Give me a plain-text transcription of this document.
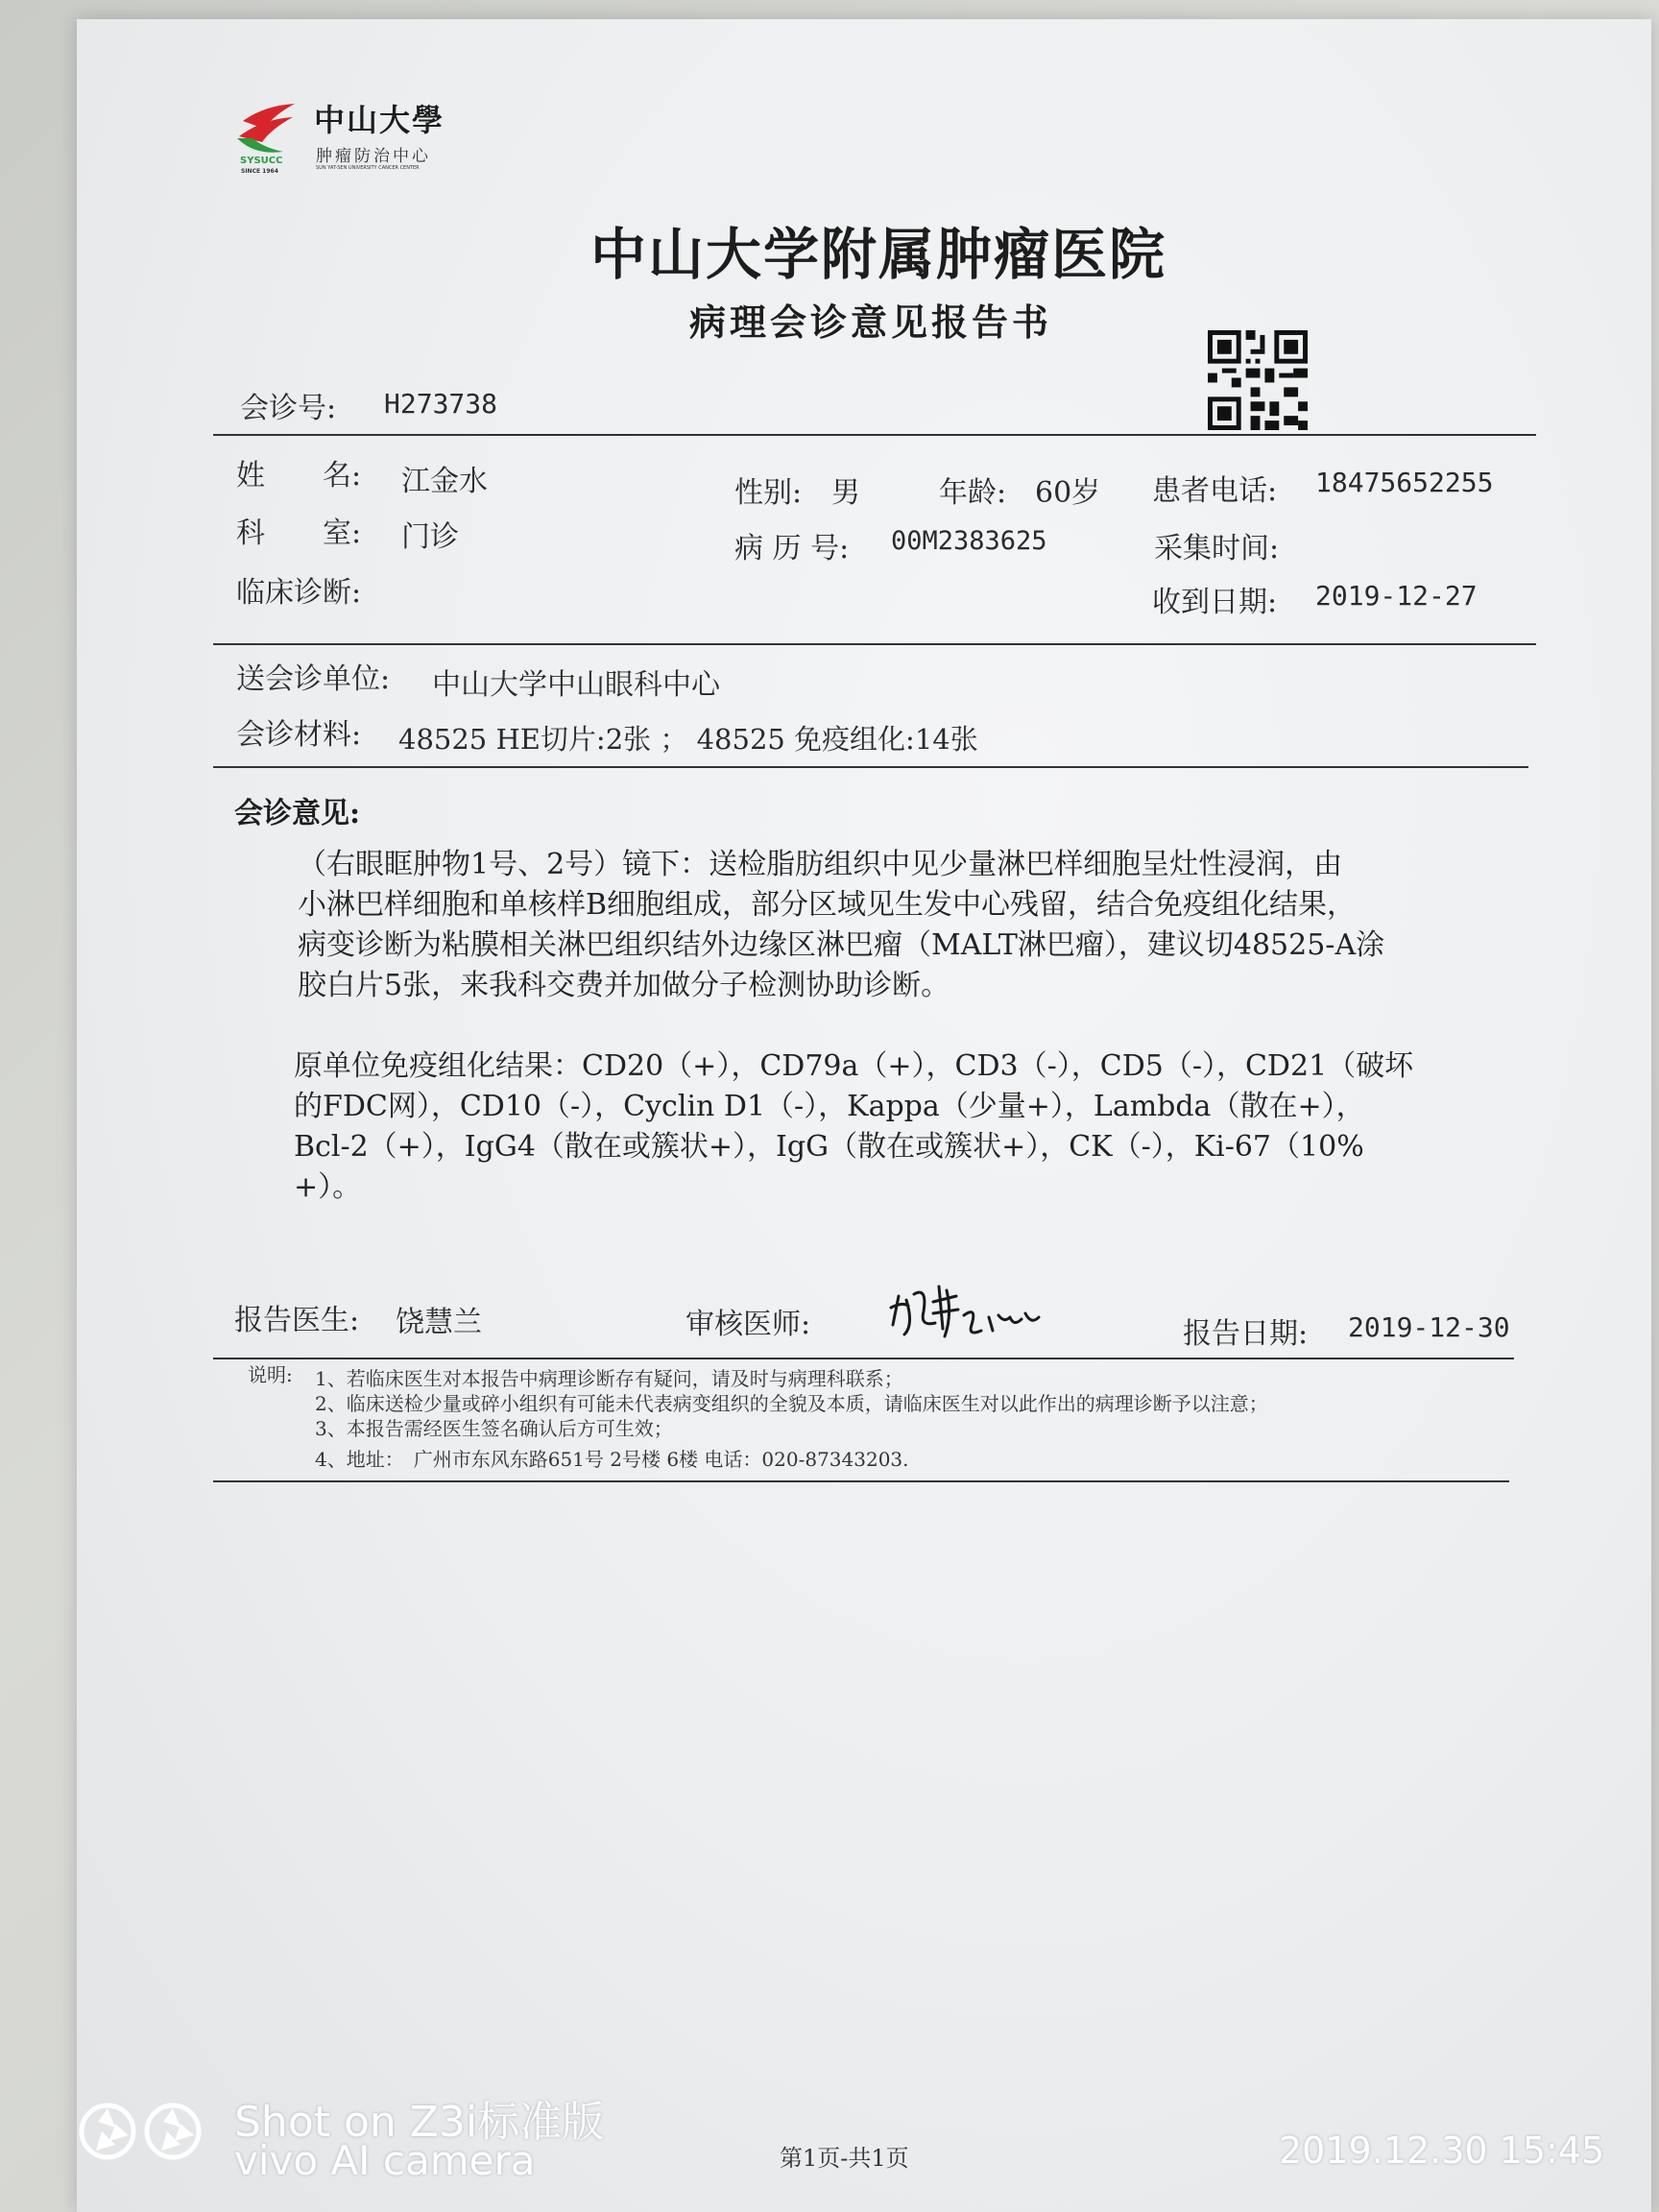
SYSUCC
SINCE 1964
中山大學
肿瘤防治中心
SUN YAT-SEN UNIVERSITY CANCER CENTER
中山大学附属肿瘤医院
病理会诊意见报告书
会诊号: H273738
姓　　名: 江金水	性别: 男	年龄: 60岁 患者电话: 18475652255
科　　室: 门诊	病 历 号: 00M2383625	采集时间:
临床诊断:	收到日期: 2019-12-27
送会诊单位: 中山大学中山眼科中心
会诊材料: 48525 HE切片:2张 ； 48525 免疫组化:14张
会诊意见:
（右眼眶肿物1号、2号）镜下：送检脂肪组织中见少量淋巴样细胞呈灶性浸润，由
小淋巴样细胞和单核样B细胞组成，部分区域见生发中心残留，结合免疫组化结果，
病变诊断为粘膜相关淋巴组织结外边缘区淋巴瘤（MALT淋巴瘤），建议切48525-A涂
胶白片5张，来我科交费并加做分子检测协助诊断。
原单位免疫组化结果：CD20（+），CD79a（+），CD3（-），CD5（-），CD21（破坏
的FDC网），CD10（-），Cyclin D1（-），Kappa（少量+），Lambda（散在+），
Bcl-2（+），IgG4（散在或簇状+），IgG（散在或簇状+），CK（-），Ki-67（10%
+）。
报告医生: 饶慧兰	审核医师:	报告日期: 2019-12-30
说明: 1、若临床医生对本报告中病理诊断存有疑问，请及时与病理科联系；
2、临床送检少量或碎小组织有可能未代表病变组织的全貌及本质，请临床医生对以此作出的病理诊断予以注意；
3、本报告需经医生签名确认后方可生效；
4、地址：　广州市东风东路651号 2号楼 6楼 电话：020-87343203.
第1页-共1页
Shot on Z3i标准版
vivo AI camera	2019.12.30 15:45
